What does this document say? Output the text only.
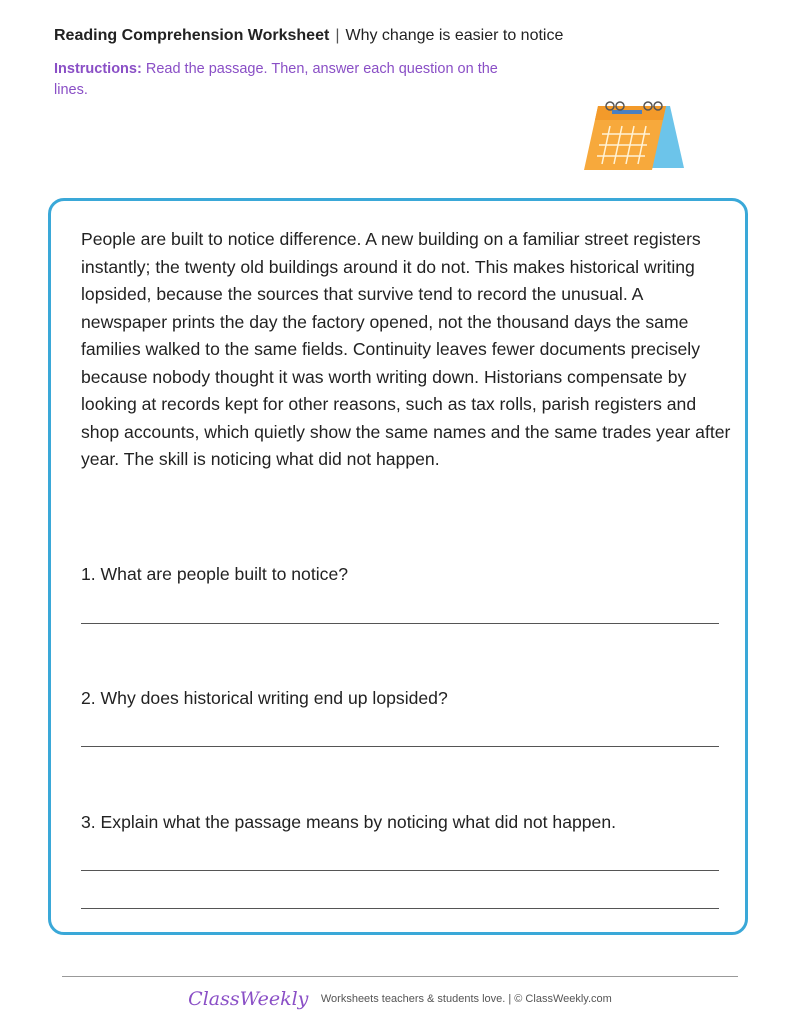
Reading Comprehension Worksheet | Why change is easier to notice
Instructions: Read the passage. Then, answer each question on the lines.
People are built to notice difference. A new building on a familiar street registers instantly; the twenty old buildings around it do not. This makes historical writing lopsided, because the sources that survive tend to record the unusual. A newspaper prints the day the factory opened, not the thousand days the same families walked to the same fields. Continuity leaves fewer documents precisely because nobody thought it was worth writing down. Historians compensate by looking at records kept for other reasons, such as tax rolls, parish registers and shop accounts, which quietly show the same names and the same trades year after year. The skill is noticing what did not happen.
1. What are people built to notice?
2. Why does historical writing end up lopsided?
3. Explain what the passage means by noticing what did not happen.
ClassWeekly Worksheets teachers & students love. | © ClassWeekly.com
